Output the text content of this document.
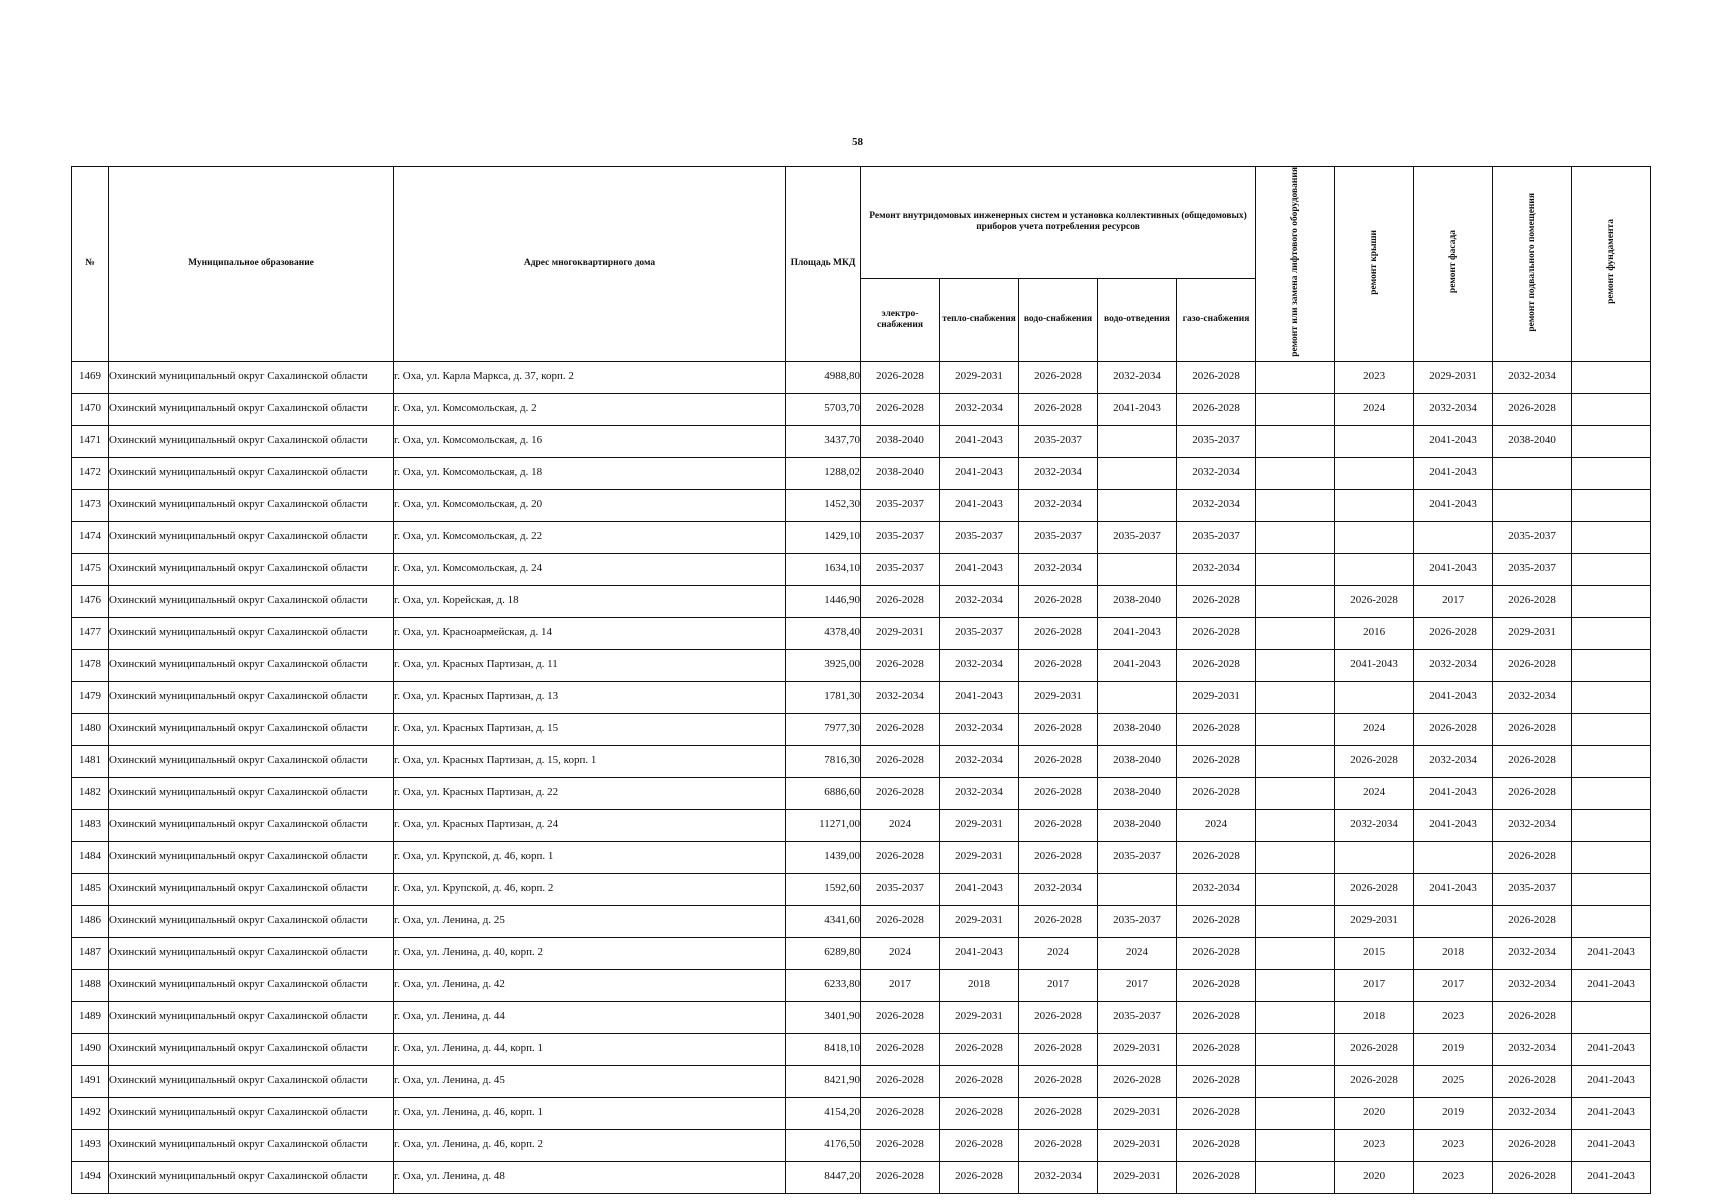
58
№	Муниципальное образование	Адрес многоквартирного дома	Площадь МКД	Ремонт внутридомовых инженерных систем и установка коллективных (общедомовых) приборов учета потребления ресурсов					ремонт или замена лифтового оборудования	ремонт крыши	ремонт фасада	ремонт подвального помещения	ремонт фундамента
				электро-снабжения	тепло-снабжения	водо-снабжения	водо-отведения	газо-снабжения					
1469	Охинский муниципальный округ Сахалинской области	г. Оха, ул. Карла Маркса, д. 37, корп. 2	4988,80	2026-2028	2029-2031	2026-2028	2032-2034	2026-2028		2023	2029-2031	2032-2034	
1470	Охинский муниципальный округ Сахалинской области	г. Оха, ул. Комсомольская, д. 2	5703,70	2026-2028	2032-2034	2026-2028	2041-2043	2026-2028		2024	2032-2034	2026-2028	
1471	Охинский муниципальный округ Сахалинской области	г. Оха, ул. Комсомольская, д. 16	3437,70	2038-2040	2041-2043	2035-2037		2035-2037			2041-2043	2038-2040	
1472	Охинский муниципальный округ Сахалинской области	г. Оха, ул. Комсомольская, д. 18	1288,02	2038-2040	2041-2043	2032-2034		2032-2034			2041-2043		
1473	Охинский муниципальный округ Сахалинской области	г. Оха, ул. Комсомольская, д. 20	1452,30	2035-2037	2041-2043	2032-2034		2032-2034			2041-2043		
1474	Охинский муниципальный округ Сахалинской области	г. Оха, ул. Комсомольская, д. 22	1429,10	2035-2037	2035-2037	2035-2037	2035-2037	2035-2037				2035-2037	
1475	Охинский муниципальный округ Сахалинской области	г. Оха, ул. Комсомольская, д. 24	1634,10	2035-2037	2041-2043	2032-2034		2032-2034			2041-2043	2035-2037	
1476	Охинский муниципальный округ Сахалинской области	г. Оха, ул. Корейская, д. 18	1446,90	2026-2028	2032-2034	2026-2028	2038-2040	2026-2028		2026-2028	2017	2026-2028	
1477	Охинский муниципальный округ Сахалинской области	г. Оха, ул. Красноармейская, д. 14	4378,40	2029-2031	2035-2037	2026-2028	2041-2043	2026-2028		2016	2026-2028	2029-2031	
1478	Охинский муниципальный округ Сахалинской области	г. Оха, ул. Красных Партизан, д. 11	3925,00	2026-2028	2032-2034	2026-2028	2041-2043	2026-2028		2041-2043	2032-2034	2026-2028	
1479	Охинский муниципальный округ Сахалинской области	г. Оха, ул. Красных Партизан, д. 13	1781,30	2032-2034	2041-2043	2029-2031		2029-2031			2041-2043	2032-2034	
1480	Охинский муниципальный округ Сахалинской области	г. Оха, ул. Красных Партизан, д. 15	7977,30	2026-2028	2032-2034	2026-2028	2038-2040	2026-2028		2024	2026-2028	2026-2028	
1481	Охинский муниципальный округ Сахалинской области	г. Оха, ул. Красных Партизан, д. 15, корп. 1	7816,30	2026-2028	2032-2034	2026-2028	2038-2040	2026-2028		2026-2028	2032-2034	2026-2028	
1482	Охинский муниципальный округ Сахалинской области	г. Оха, ул. Красных Партизан, д. 22	6886,60	2026-2028	2032-2034	2026-2028	2038-2040	2026-2028		2024	2041-2043	2026-2028	
1483	Охинский муниципальный округ Сахалинской области	г. Оха, ул. Красных Партизан, д. 24	11271,00	2024	2029-2031	2026-2028	2038-2040	2024		2032-2034	2041-2043	2032-2034	
1484	Охинский муниципальный округ Сахалинской области	г. Оха, ул. Крупской, д. 46, корп. 1	1439,00	2026-2028	2029-2031	2026-2028	2035-2037	2026-2028				2026-2028	
1485	Охинский муниципальный округ Сахалинской области	г. Оха, ул. Крупской, д. 46, корп. 2	1592,60	2035-2037	2041-2043	2032-2034		2032-2034		2026-2028	2041-2043	2035-2037	
1486	Охинский муниципальный округ Сахалинской области	г. Оха, ул. Ленина, д. 25	4341,60	2026-2028	2029-2031	2026-2028	2035-2037	2026-2028		2029-2031		2026-2028	
1487	Охинский муниципальный округ Сахалинской области	г. Оха, ул. Ленина, д. 40, корп. 2	6289,80	2024	2041-2043	2024	2024	2026-2028		2015	2018	2032-2034	2041-2043
1488	Охинский муниципальный округ Сахалинской области	г. Оха, ул. Ленина, д. 42	6233,80	2017	2018	2017	2017	2026-2028		2017	2017	2032-2034	2041-2043
1489	Охинский муниципальный округ Сахалинской области	г. Оха, ул. Ленина, д. 44	3401,90	2026-2028	2029-2031	2026-2028	2035-2037	2026-2028		2018	2023	2026-2028	
1490	Охинский муниципальный округ Сахалинской области	г. Оха, ул. Ленина, д. 44, корп. 1	8418,10	2026-2028	2026-2028	2026-2028	2029-2031	2026-2028		2026-2028	2019	2032-2034	2041-2043
1491	Охинский муниципальный округ Сахалинской области	г. Оха, ул. Ленина, д. 45	8421,90	2026-2028	2026-2028	2026-2028	2026-2028	2026-2028		2026-2028	2025	2026-2028	2041-2043
1492	Охинский муниципальный округ Сахалинской области	г. Оха, ул. Ленина, д. 46, корп. 1	4154,20	2026-2028	2026-2028	2026-2028	2029-2031	2026-2028		2020	2019	2032-2034	2041-2043
1493	Охинский муниципальный округ Сахалинской области	г. Оха, ул. Ленина, д. 46, корп. 2	4176,50	2026-2028	2026-2028	2026-2028	2029-2031	2026-2028		2023	2023	2026-2028	2041-2043
1494	Охинский муниципальный округ Сахалинской области	г. Оха, ул. Ленина, д. 48	8447,20	2026-2028	2026-2028	2032-2034	2029-2031	2026-2028		2020	2023	2026-2028	2041-2043
